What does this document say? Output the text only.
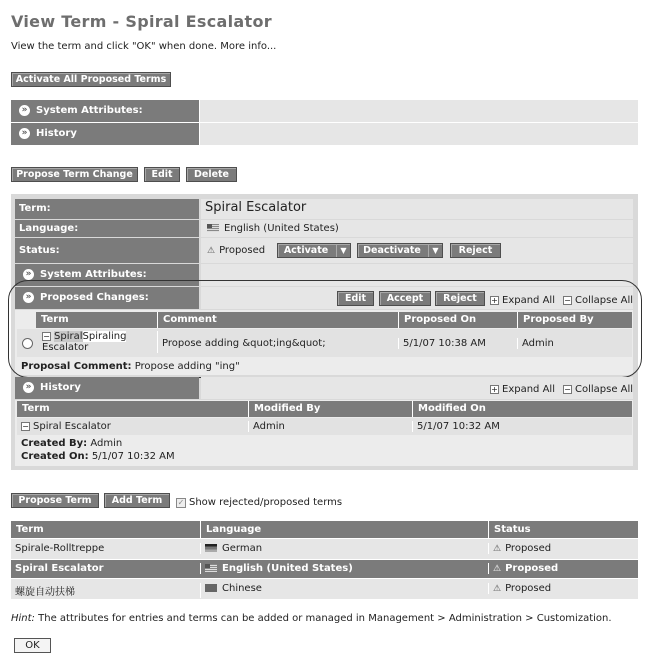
View Term - Spiral Escalator
View the term and click "OK" when done. More info...
Activate All Proposed Terms
» System Attributes:
» History
Propose Term Change	Edit	Delete
Term:	Spiral Escalator
Language:	English (United States)
Status:	⚠ Proposed	Activate	▼	Deactivate	▼	Reject
» System Attributes:
» Proposed Changes:	Edit	Accept	Reject	+ Expand All − Collapse All
Term	Comment	Proposed On	Proposed By
− SpiralSpiraling
Escalator	Propose adding &quot;ing&quot;	5/1/07 10:38 AM	Admin
Proposal Comment: Propose adding "ing"
» History	+ Expand All − Collapse All
Term	Modified By	Modified On
− Spiral Escalator	Admin	5/1/07 10:32 AM
Created By: Admin
Created On: 5/1/07 10:32 AM
Propose Term	Add Term	✓ Show rejected/proposed terms
Term	Language	Status
Spirale-Rolltreppe	German	⚠ Proposed
Spiral Escalator	English (United States)	⚠ Proposed
螺旋自动扶梯	Chinese	⚠ Proposed
Hint: The attributes for entries and terms can be added or managed in Management > Administration > Customization.
OK
